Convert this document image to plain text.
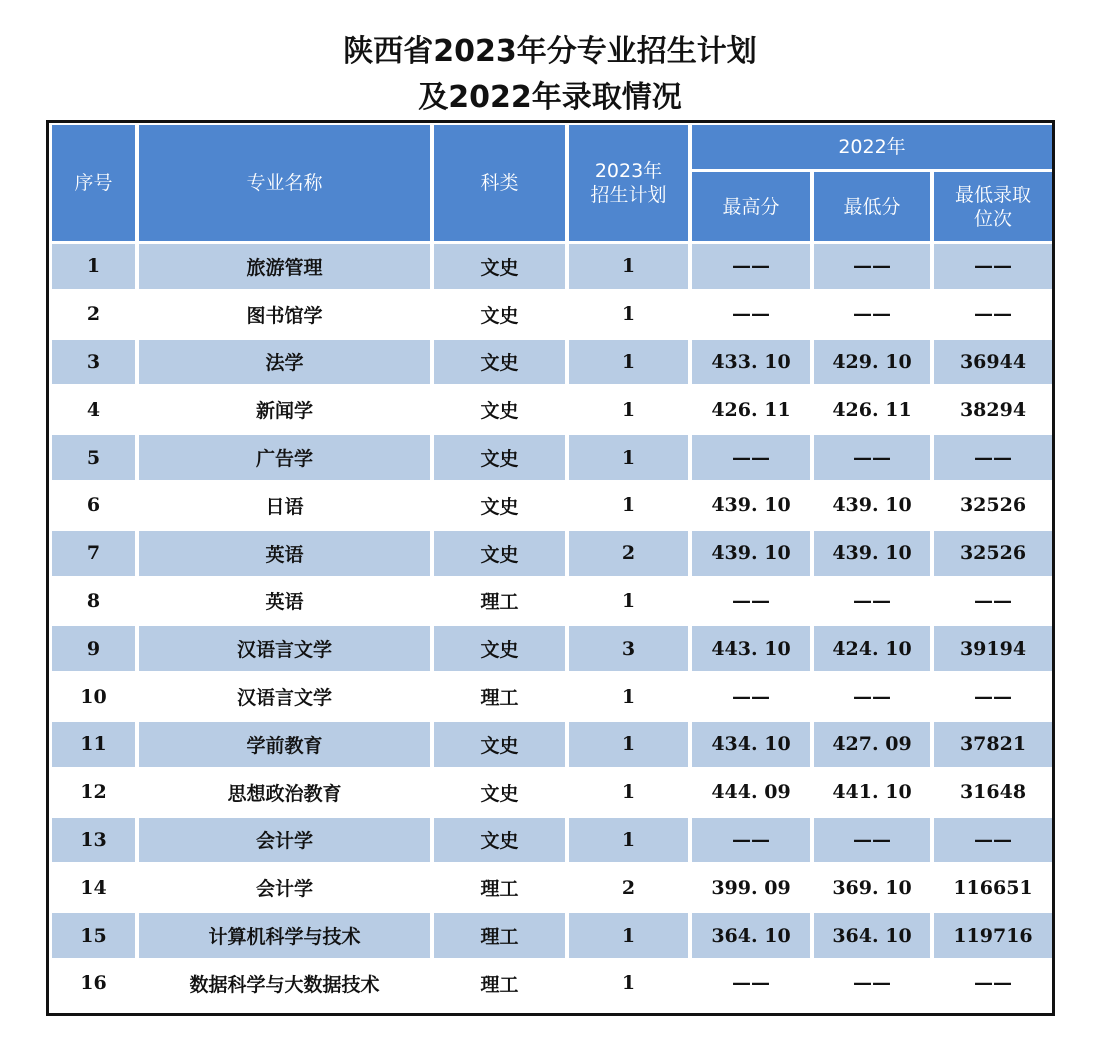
陕西省2023年分专业招生计划
及2022年录取情况
序号	专业名称	科类	2023年
招生计划	2022年		
				最高分	最低分	最低录取
位次
1	旅游管理	文史	1	——	——	——
2	图书馆学	文史	1	——	——	——
3	法学	文史	1	433. 10	429. 10	36944
4	新闻学	文史	1	426. 11	426. 11	38294
5	广告学	文史	1	——	——	——
6	日语	文史	1	439. 10	439. 10	32526
7	英语	文史	2	439. 10	439. 10	32526
8	英语	理工	1	——	——	——
9	汉语言文学	文史	3	443. 10	424. 10	39194
10	汉语言文学	理工	1	——	——	——
11	学前教育	文史	1	434. 10	427. 09	37821
12	思想政治教育	文史	1	444. 09	441. 10	31648
13	会计学	文史	1	——	——	——
14	会计学	理工	2	399. 09	369. 10	116651
15	计算机科学与技术	理工	1	364. 10	364. 10	119716
16	数据科学与大数据技术	理工	1	——	——	——
